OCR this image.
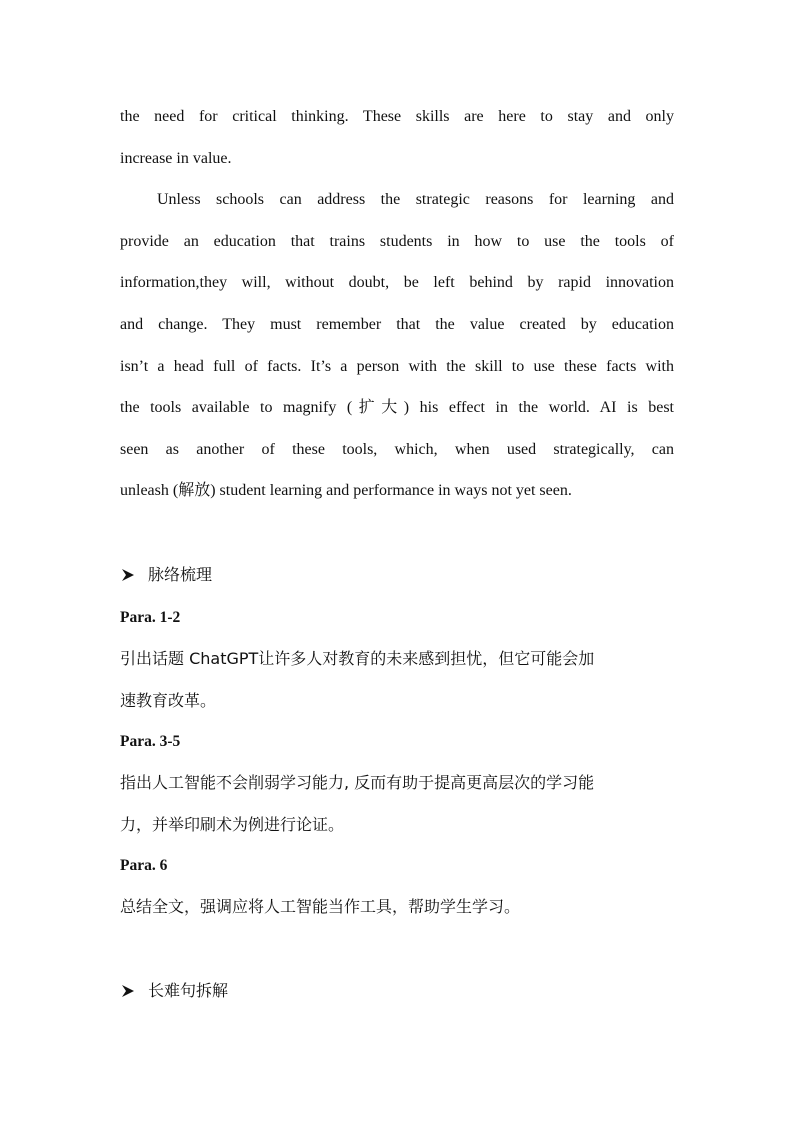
the need for critical thinking. These skills are here to stay and only
increase in value.
Unless schools can address the strategic reasons for learning and
provide an education that trains students in how to use the tools of
information,they will, without doubt, be left behind by rapid innovation
and change. They must remember that the value created by education
isn’t a head full of facts. It’s a person with the skill to use these facts with
the tools available to magnify (扩大) his effect in the world. AI is best
seen as another of these tools, which, when used strategically, can
unleash (解放) student learning and performance in ways not yet seen.
脉络梳理
Para. 1-2
引出话题 ChatGPT让许多人对教育的未来感到担忧，但它可能会加
速教育改革。
Para. 3-5
指出人工智能不会削弱学习能力, 反而有助于提高更高层次的学习能
力，并举印刷术为例进行论证。
Para. 6
总结全文，强调应将人工智能当作工具，帮助学生学习。
长难句拆解
